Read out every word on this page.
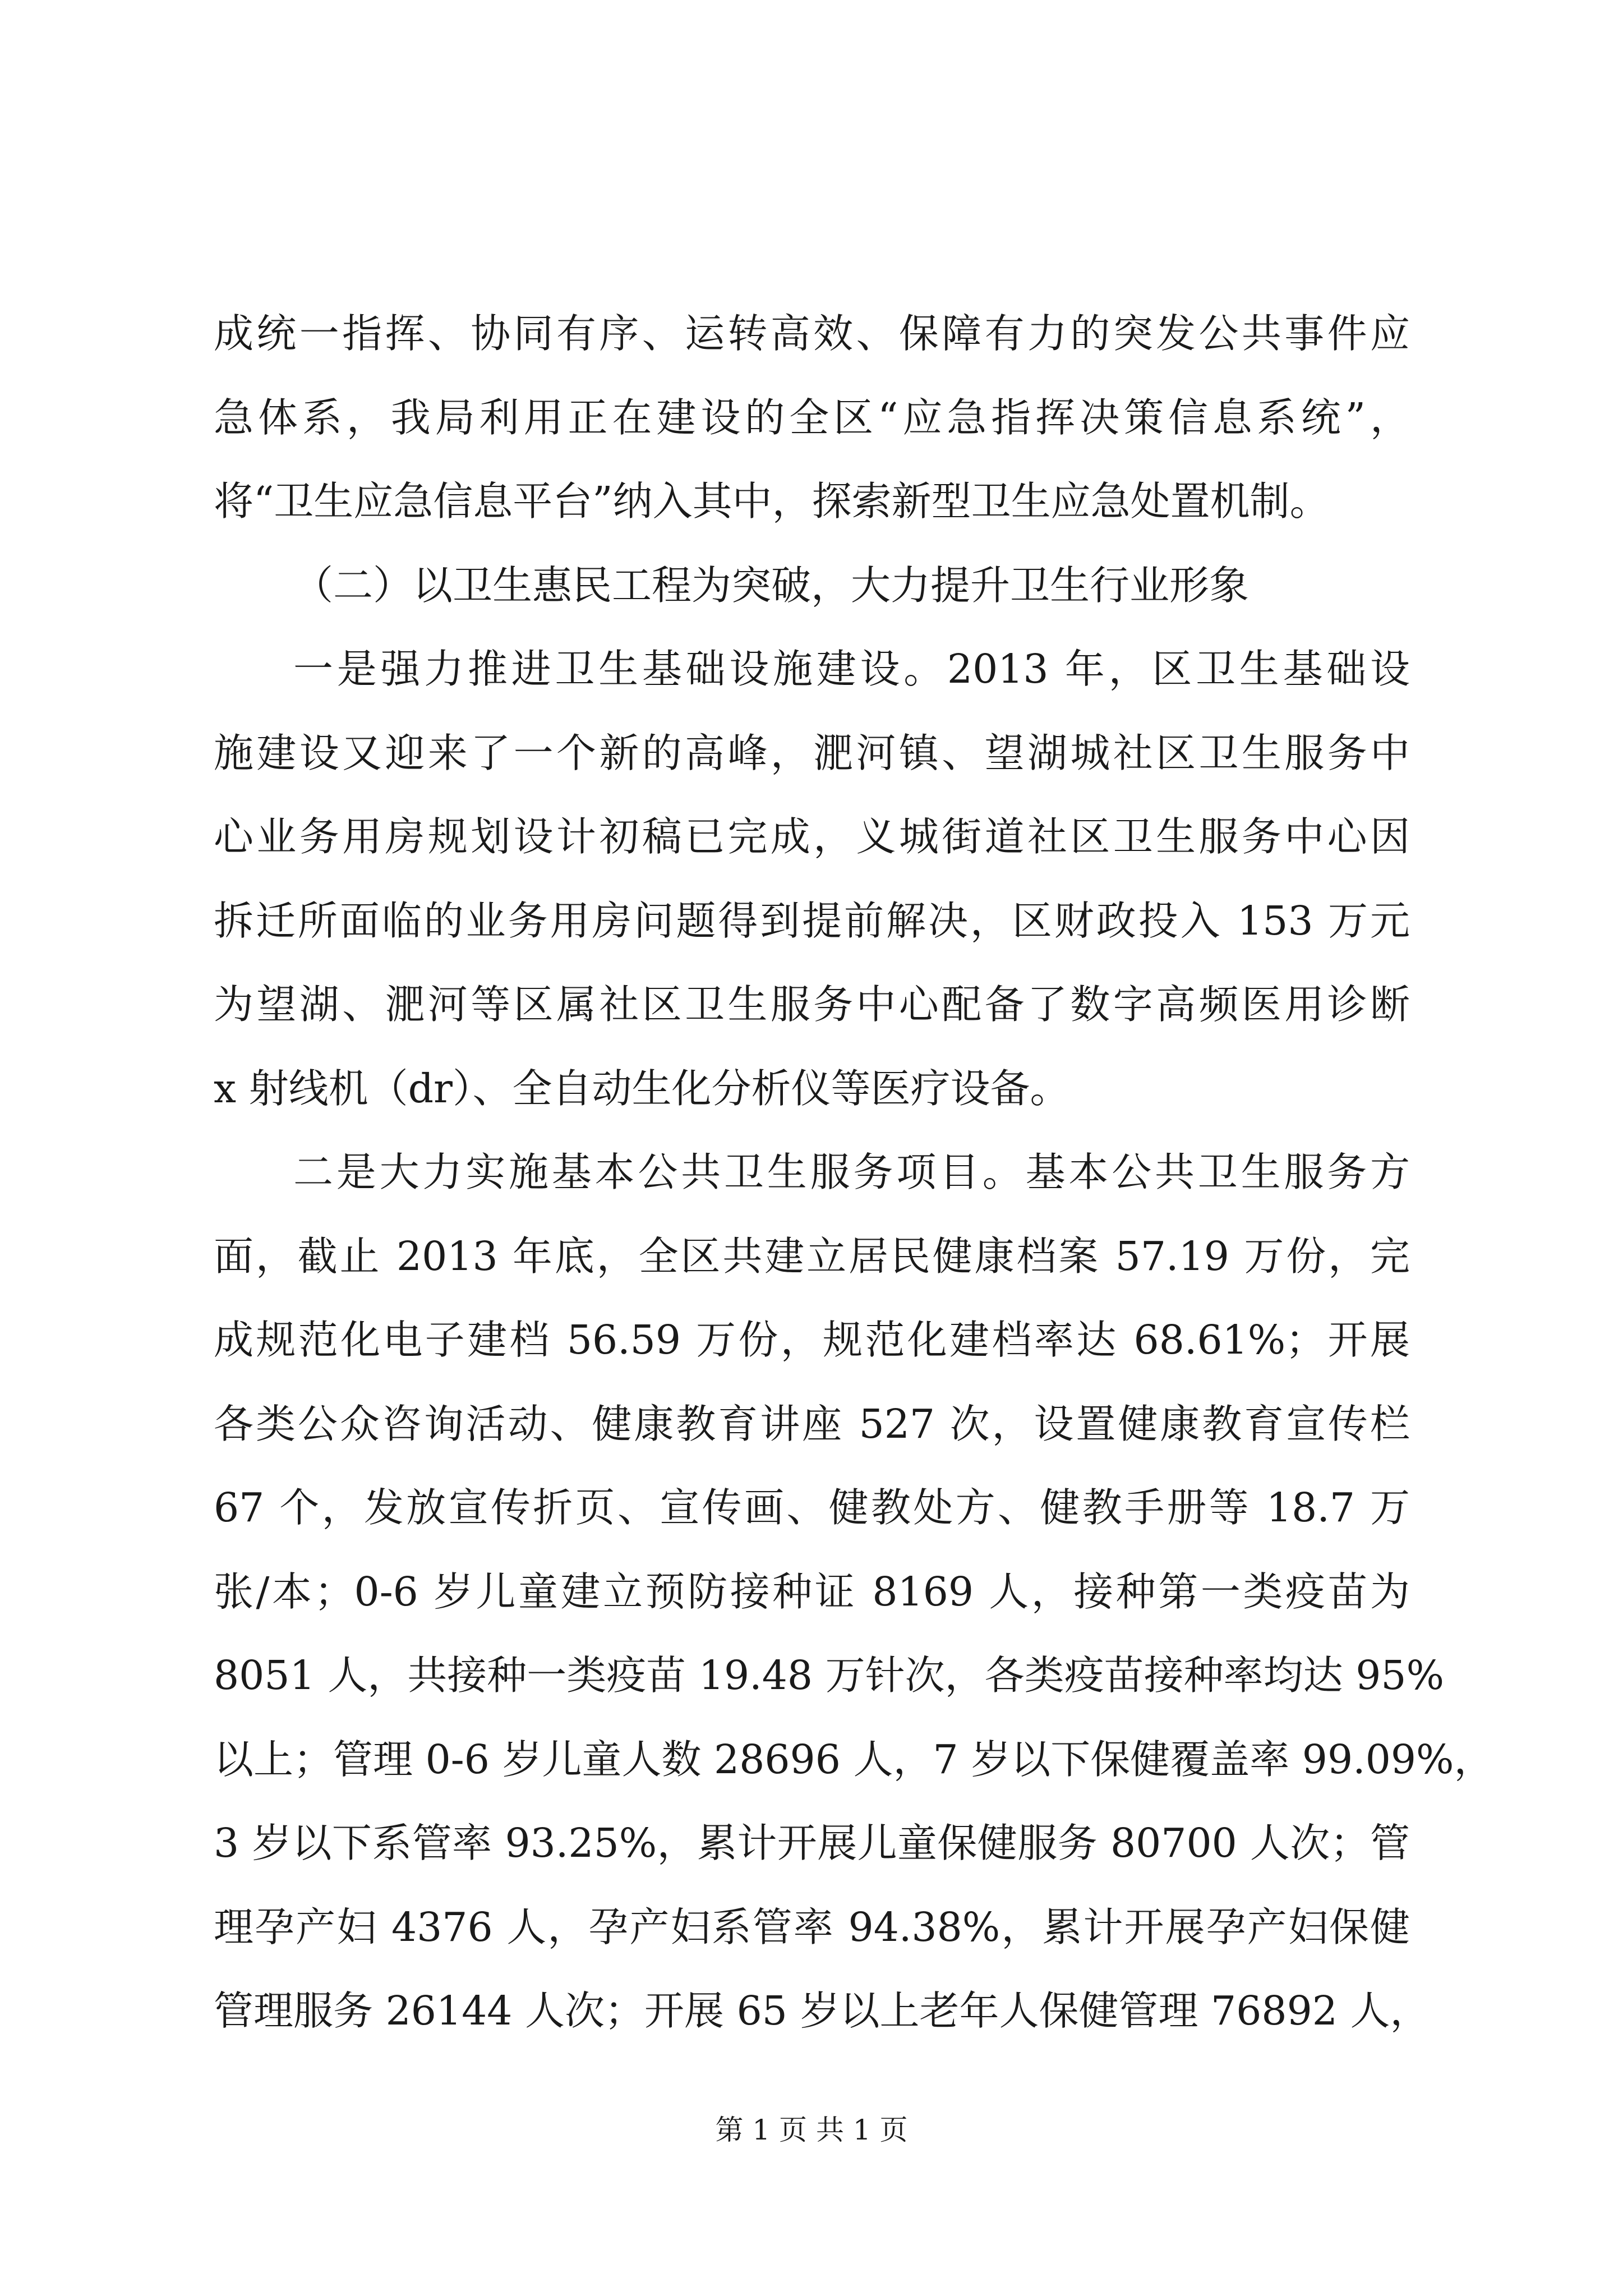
成统一指挥、协同有序、运转高效、保障有力的突发公共事件应
急体系，我局利用正在建设的全区“应急指挥决策信息系统”，
将“卫生应急信息平台”纳入其中，探索新型卫生应急处置机制。
（二）以卫生惠民工程为突破，大力提升卫生行业形象
一是强力推进卫生基础设施建设。2013 年，区卫生基础设
施建设又迎来了一个新的高峰，淝河镇、望湖城社区卫生服务中
心业务用房规划设计初稿已完成，义城街道社区卫生服务中心因
拆迁所面临的业务用房问题得到提前解决，区财政投入 153 万元
为望湖、淝河等区属社区卫生服务中心配备了数字高频医用诊断
x 射线机（dr）、全自动生化分析仪等医疗设备。
二是大力实施基本公共卫生服务项目。基本公共卫生服务方
面，截止 2013 年底，全区共建立居民健康档案 57.19 万份，完
成规范化电子建档 56.59 万份，规范化建档率达 68.61%；开展
各类公众咨询活动、健康教育讲座 527 次，设置健康教育宣传栏
67 个，发放宣传折页、宣传画、健教处方、健教手册等 18.7 万
张/本；0-6 岁儿童建立预防接种证 8169 人，接种第一类疫苗为
8051 人，共接种一类疫苗 19.48 万针次，各类疫苗接种率均达 95%
以上；管理 0-6 岁儿童人数 28696 人，7 岁以下保健覆盖率 99.09%，
3 岁以下系管率 93.25%，累计开展儿童保健服务 80700 人次；管
理孕产妇 4376 人，孕产妇系管率 94.38%，累计开展孕产妇保健
管理服务 26144 人次；开展 65 岁以上老年人保健管理 76892 人，
第 1 页 共 1 页
